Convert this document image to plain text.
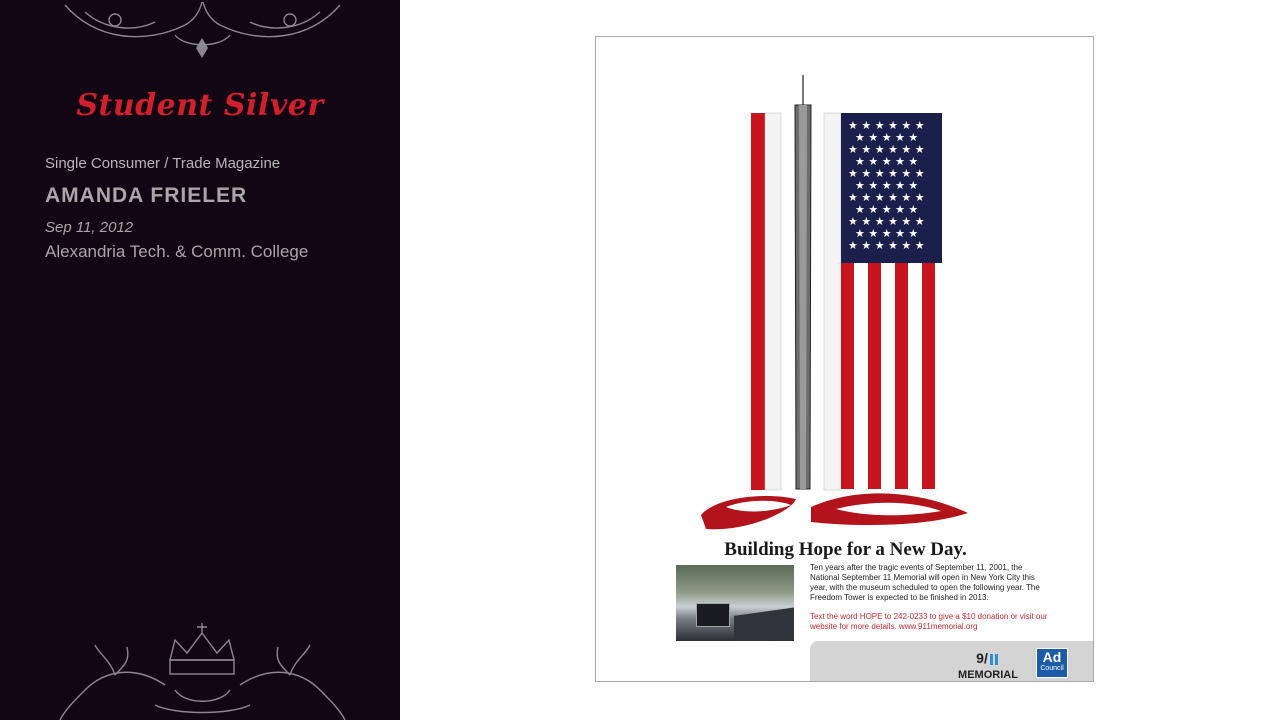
Student Silver
Single Consumer / Trade Magazine
AMANDA FRIELER
Sep 11, 2012
Alexandria Tech. & Comm. College
★ ★ ★ ★ ★ ★
★ ★ ★ ★ ★
★ ★ ★ ★ ★ ★
★ ★ ★ ★ ★
★ ★ ★ ★ ★ ★
★ ★ ★ ★ ★
★ ★ ★ ★ ★ ★
★ ★ ★ ★ ★
★ ★ ★ ★ ★ ★
★ ★ ★ ★ ★
★ ★ ★ ★ ★ ★
Building Hope for a New Day.
Ten years after the tragic events of September 11, 2001, the National September 11 Memorial will open in New York City this year, with the museum scheduled to open the following year. The Freedom Tower is expected to be finished in 2013.
Text the word HOPE to 242-0233 to give a $10 donation or visit our website for more details. www.911memorial.org
9/
MEMORIAL
Ad
Council
